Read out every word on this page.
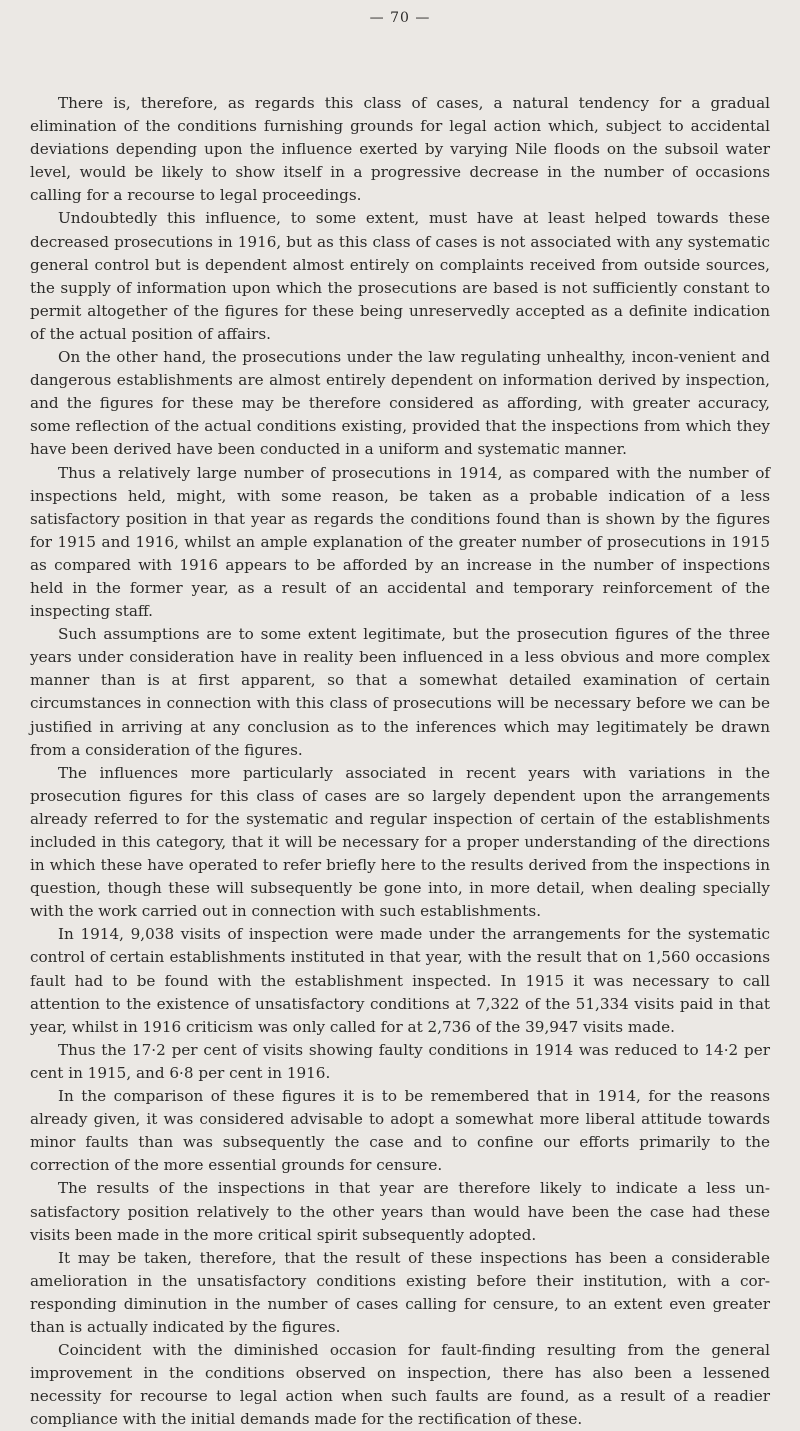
— 70 —

There is, therefore, as regards this class of cases, a natural tendency for a gradual elimination of the conditions furnishing grounds for legal action which, subject to accidental deviations depending upon the influence exerted by varying Nile floods on the subsoil water level, would be likely to show itself in a progressive decrease in the number of occasions calling for a recourse to legal proceedings.

Undoubtedly this influence, to some extent, must have at least helped towards these decreased prosecutions in 1916, but as this class of cases is not associated with any systematic general control but is dependent almost entirely on complaints received from outside sources, the supply of information upon which the prosecutions are based is not sufficiently constant to permit altogether of the figures for these being unreservedly accepted as a definite indication of the actual position of affairs.

On the other hand, the prosecutions under the law regulating unhealthy, incon-venient and dangerous establishments are almost entirely dependent on information derived by inspection, and the figures for these may be therefore considered as affording, with greater accuracy, some reflection of the actual conditions existing, provided that the inspections from which they have been derived have been conducted in a uniform and systematic manner.

Thus a relatively large number of prosecutions in 1914, as compared with the number of inspections held, might, with some reason, be taken as a probable indication of a less satisfactory position in that year as regards the conditions found than is shown by the figures for 1915 and 1916, whilst an ample explanation of the greater number of prosecutions in 1915 as compared with 1916 appears to be afforded by an increase in the number of inspections held in the former year, as a result of an accidental and temporary reinforcement of the inspecting staff.

Such assumptions are to some extent legitimate, but the prosecution figures of the three years under consideration have in reality been influenced in a less obvious and more complex manner than is at first apparent, so that a somewhat detailed examination of certain circumstances in connection with this class of prosecutions will be necessary before we can be justified in arriving at any conclusion as to the inferences which may legitimately be drawn from a consideration of the figures.

The influences more particularly associated in recent years with variations in the prosecution figures for this class of cases are so largely dependent upon the arrangements already referred to for the systematic and regular inspection of certain of the establishments included in this category, that it will be necessary for a proper understanding of the directions in which these have operated to refer briefly here to the results derived from the inspections in question, though these will subsequently be gone into, in more detail, when dealing specially with the work carried out in connection with such establishments.

In 1914, 9,038 visits of inspection were made under the arrangements for the systematic control of certain establishments instituted in that year, with the result that on 1,560 occasions fault had to be found with the establishment inspected. In 1915 it was necessary to call attention to the existence of unsatisfactory conditions at 7,322 of the 51,334 visits paid in that year, whilst in 1916 criticism was only called for at 2,736 of the 39,947 visits made.

Thus the 17·2 per cent of visits showing faulty conditions in 1914 was reduced to 14·2 per cent in 1915, and 6·8 per cent in 1916.

In the comparison of these figures it is to be remembered that in 1914, for the reasons already given, it was considered advisable to adopt a somewhat more liberal attitude towards minor faults than was subsequently the case and to confine our efforts primarily to the correction of the more essential grounds for censure.

The results of the inspections in that year are therefore likely to indicate a less un-satisfactory position relatively to the other years than would have been the case had these visits been made in the more critical spirit subsequently adopted.

It may be taken, therefore, that the result of these inspections has been a considerable amelioration in the unsatisfactory conditions existing before their institution, with a cor-responding diminution in the number of cases calling for censure, to an extent even greater than is actually indicated by the figures.

Coincident with the diminished occasion for fault-finding resulting from the general improvement in the conditions observed on inspection, there has also been a lessened necessity for recourse to legal action when such faults are found, as a result of a readier compliance with the initial demands made for the rectification of these.
